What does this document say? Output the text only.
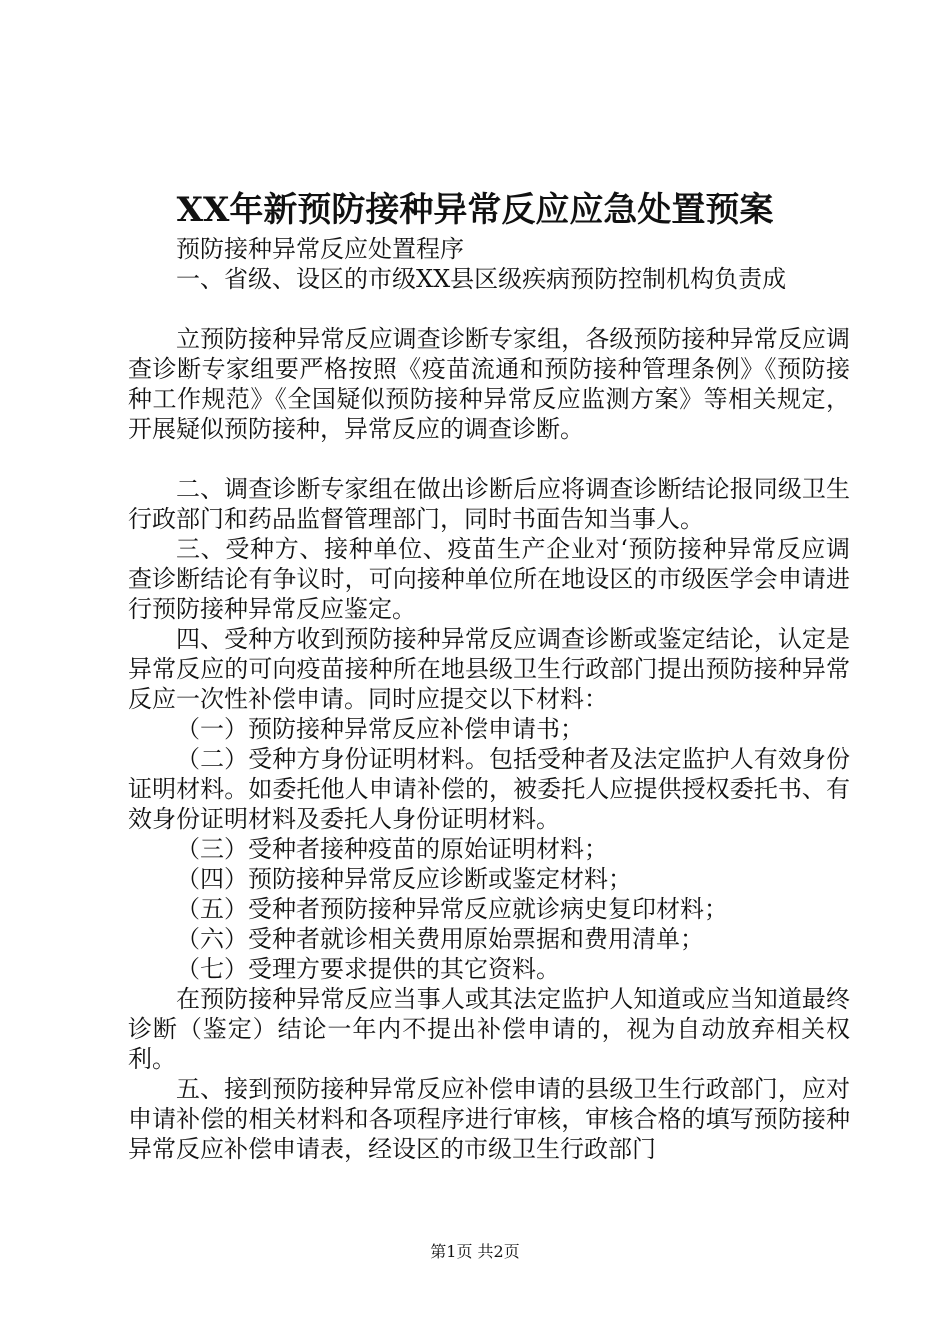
XX年新预防接种异常反应应急处置预案

预防接种异常反应处置程序

一、省级、设区的市级XX县区级疾病预防控制机构负责成

立预防接种异常反应调查诊断专家组，各级预防接种异常反应调查诊断专家组要严格按照《疫苗流通和预防接种管理条例》《预防接种工作规范》《全国疑似预防接种异常反应监测方案》等相关规定，开展疑似预防接种，异常反应的调查诊断。

二、调查诊断专家组在做出诊断后应将调查诊断结论报同级卫生行政部门和药品监督管理部门，同时书面告知当事人。

三、受种方、接种单位、疫苗生产企业对‘预防接种异常反应调查诊断结论有争议时，可向接种单位所在地设区的市级医学会申请进行预防接种异常反应鉴定。

四、受种方收到预防接种异常反应调查诊断或鉴定结论，认定是异常反应的可向疫苗接种所在地县级卫生行政部门提出预防接种异常反应一次性补偿申请。同时应提交以下材料：

（一）预防接种异常反应补偿申请书；

（二）受种方身份证明材料。包括受种者及法定监护人有效身份证明材料。如委托他人申请补偿的，被委托人应提供授权委托书、有效身份证明材料及委托人身份证明材料。

（三）受种者接种疫苗的原始证明材料；

（四）预防接种异常反应诊断或鉴定材料；

（五）受种者预防接种异常反应就诊病史复印材料；

（六）受种者就诊相关费用原始票据和费用清单；

（七）受理方要求提供的其它资料。

在预防接种异常反应当事人或其法定监护人知道或应当知道最终诊断（鉴定）结论一年内不提出补偿申请的，视为自动放弃相关权利。

五、接到预防接种异常反应补偿申请的县级卫生行政部门，应对申请补偿的相关材料和各项程序进行审核，审核合格的填写预防接种异常反应补偿申请表，经设区的市级卫生行政部门

第1页 共2页
